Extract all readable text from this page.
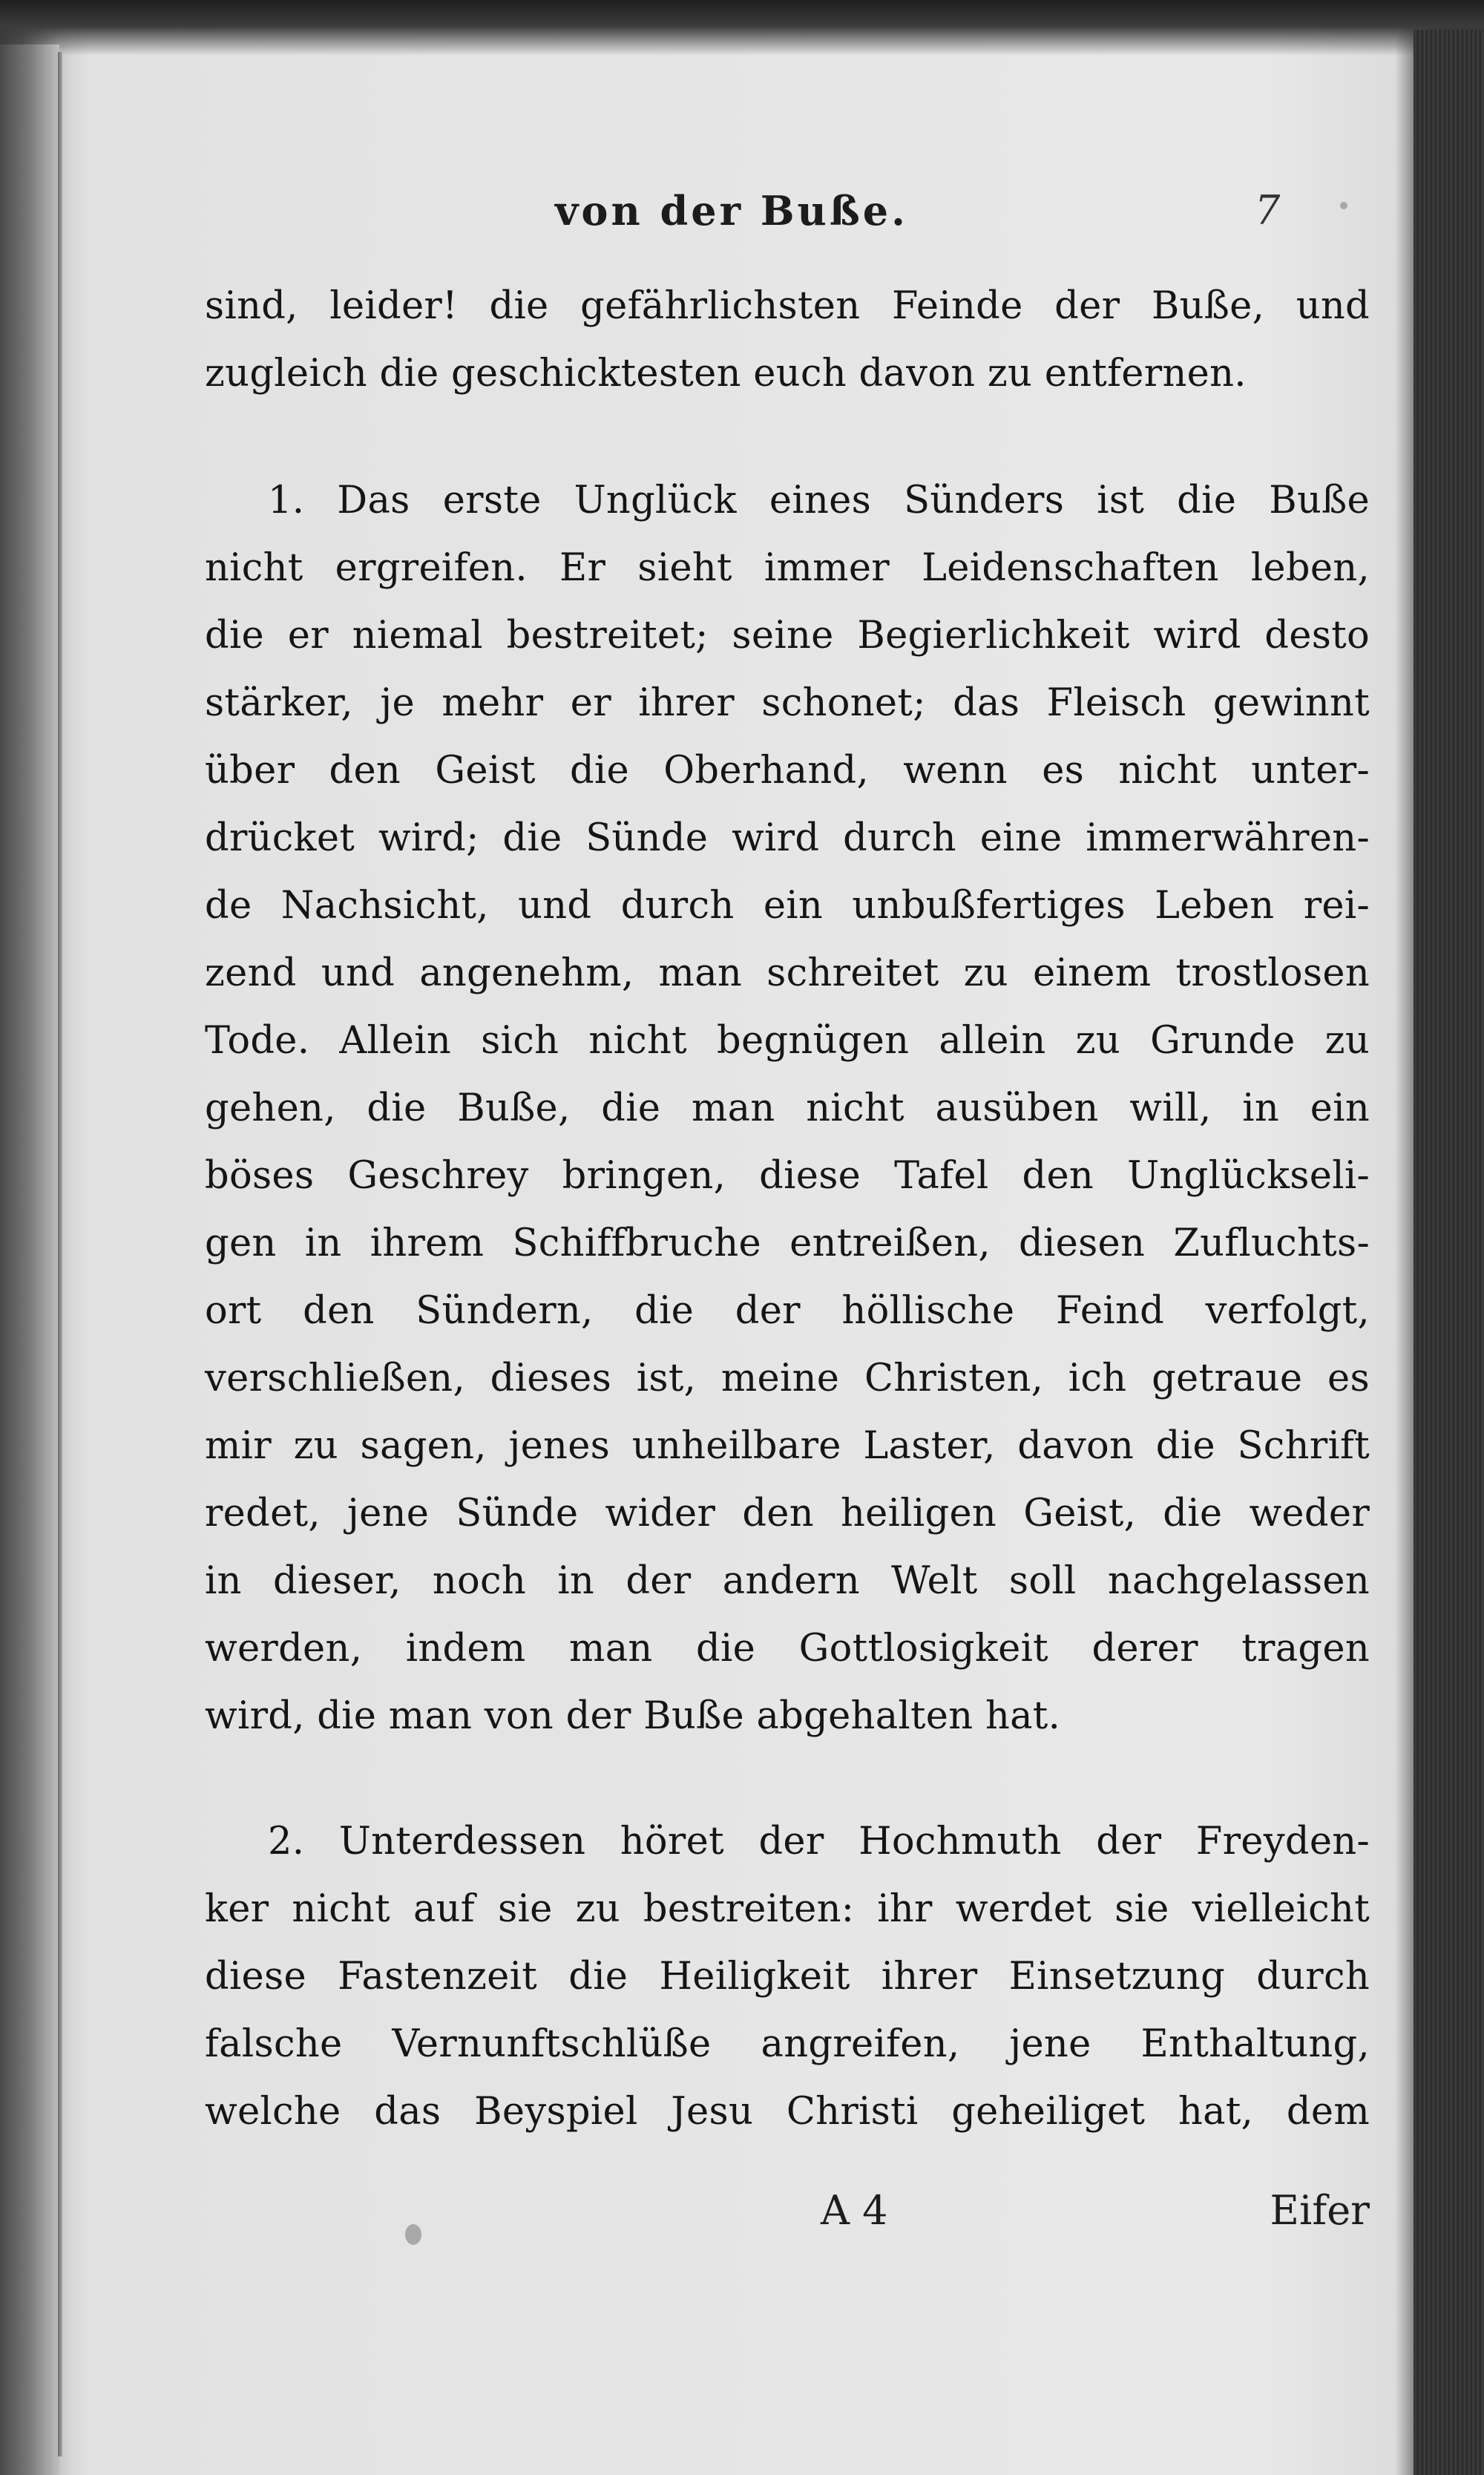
von der Buße.	7
sind, leider! die gefährlichsten Feinde der Buße, und
zugleich die geschicktesten euch davon zu entfernen.
1. Das erste Unglück eines Sünders ist die Buße
nicht ergreifen. Er sieht immer Leidenschaften leben,
die er niemal bestreitet; seine Begierlichkeit wird desto
stärker, je mehr er ihrer schonet; das Fleisch gewinnt
über den Geist die Oberhand, wenn es nicht unter-
drücket wird; die Sünde wird durch eine immerwähren-
de Nachsicht, und durch ein unbußfertiges Leben rei-
zend und angenehm, man schreitet zu einem trostlosen
Tode. Allein sich nicht begnügen allein zu Grunde zu
gehen, die Buße, die man nicht ausüben will, in ein
böses Geschrey bringen, diese Tafel den Unglückseli-
gen in ihrem Schiffbruche entreißen, diesen Zufluchts-
ort den Sündern, die der höllische Feind verfolgt,
verschließen, dieses ist, meine Christen, ich getraue es
mir zu sagen, jenes unheilbare Laster, davon die Schrift
redet, jene Sünde wider den heiligen Geist, die weder
in dieser, noch in der andern Welt soll nachgelassen
werden, indem man die Gottlosigkeit derer tragen
wird, die man von der Buße abgehalten hat.
2. Unterdessen höret der Hochmuth der Freyden-
ker nicht auf sie zu bestreiten: ihr werdet sie vielleicht
diese Fastenzeit die Heiligkeit ihrer Einsetzung durch
falsche Vernunftschlüße angreifen, jene Enthaltung,
welche das Beyspiel Jesu Christi geheiliget hat, dem
A 4	Eifer
